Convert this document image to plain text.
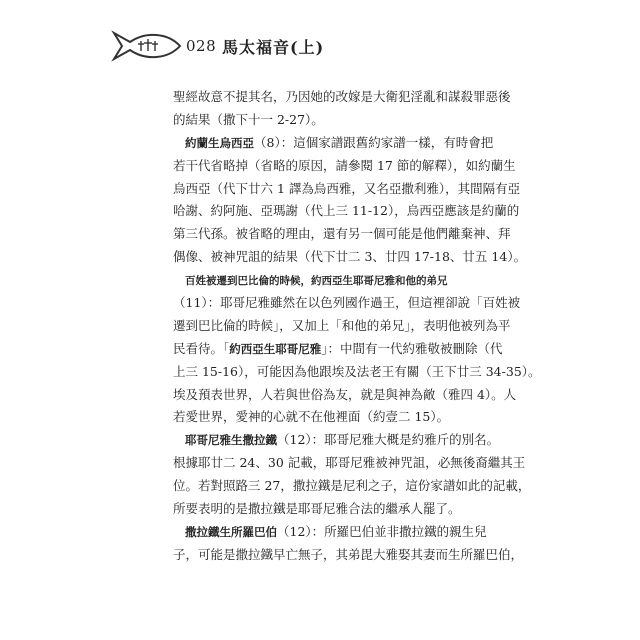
028 馬太福音(上)
聖經故意不提其名，乃因她的改嫁是大衛犯淫亂和謀殺罪惡後
的結果（撒下十一 2-27）。
約蘭生烏西亞（8）：這個家譜跟舊約家譜一樣，有時會把
若干代省略掉（省略的原因，請參閱 17 節的解釋），如約蘭生
烏西亞（代下廿六 1 譯為烏西雅，又名亞撒利雅），其間隔有亞
哈謝、約阿施、亞瑪謝（代上三 11-12），烏西亞應該是約蘭的
第三代孫。被省略的理由，還有另一個可能是他們離棄神、拜
偶像、被神咒詛的結果（代下廿二 3、廿四 17-18、廿五 14）。
百姓被遷到巴比倫的時候，約西亞生耶哥尼雅和他的弟兄
（11）：耶哥尼雅雖然在以色列國作過王，但這裡卻說「百姓被
遷到巴比倫的時候」，又加上「和他的弟兄」，表明他被列為平
民看待。「約西亞生耶哥尼雅」：中間有一代約雅敬被刪除（代
上三 15-16），可能因為他跟埃及法老王有關（王下廿三 34-35）。
埃及預表世界，人若與世俗為友，就是與神為敵（雅四 4）。人
若愛世界，愛神的心就不在他裡面（約壹二 15）。
耶哥尼雅生撒拉鐵（12）：耶哥尼雅大概是約雅斤的別名。
根據耶廿二 24、30 記載，耶哥尼雅被神咒詛，必無後裔繼其王
位。若對照路三 27，撒拉鐵是尼利之子，這份家譜如此的記載，
所要表明的是撒拉鐵是耶哥尼雅合法的繼承人罷了。
撒拉鐵生所羅巴伯（12）：所羅巴伯並非撒拉鐵的親生兒
子，可能是撒拉鐵早亡無子，其弟毘大雅娶其妻而生所羅巴伯，
